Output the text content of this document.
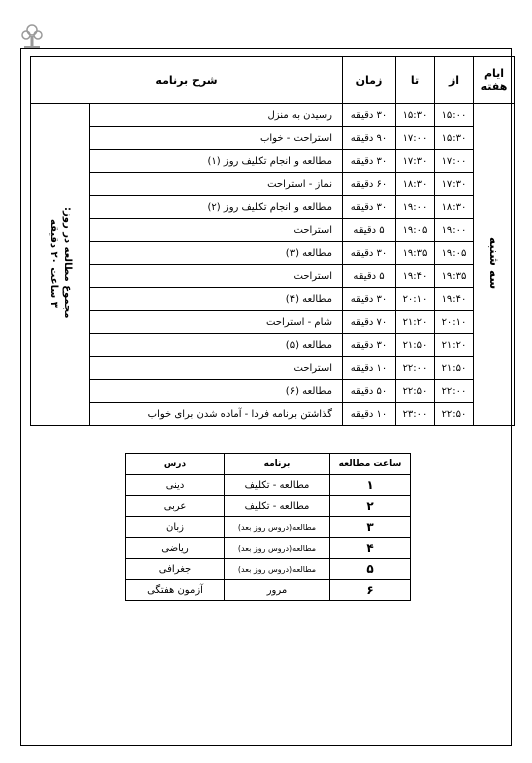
ایام هفته	از	تا	زمان	شرح برنامه	
سه شنبه	۱۵:۰۰	۱۵:۳۰	۳۰ دقیقه	رسیدن به منزل	مجموع مطالعه در روز:
۳ ساعت ۲۰ دقیقه
	۱۵:۳۰	۱۷:۰۰	۹۰ دقیقه	استراحت - خواب	
	۱۷:۰۰	۱۷:۳۰	۳۰ دقیقه	مطالعه و انجام تکلیف روز (۱)	
	۱۷:۳۰	۱۸:۳۰	۶۰ دقیقه	نماز - استراحت	
	۱۸:۳۰	۱۹:۰۰	۳۰ دقیقه	مطالعه و انجام تکلیف روز (۲)	
	۱۹:۰۰	۱۹:۰۵	۵ دقیقه	استراحت	
	۱۹:۰۵	۱۹:۳۵	۳۰ دقیقه	مطالعه (۳)	
	۱۹:۳۵	۱۹:۴۰	۵ دقیقه	استراحت	
	۱۹:۴۰	۲۰:۱۰	۳۰ دقیقه	مطالعه (۴)	
	۲۰:۱۰	۲۱:۲۰	۷۰ دقیقه	شام - استراحت	
	۲۱:۲۰	۲۱:۵۰	۳۰ دقیقه	مطالعه (۵)	
	۲۱:۵۰	۲۲:۰۰	۱۰ دقیقه	استراحت	
	۲۲:۰۰	۲۲:۵۰	۵۰ دقیقه	مطالعه (۶)	
	۲۲:۵۰	۲۳:۰۰	۱۰ دقیقه	گذاشتن برنامه فردا - آماده شدن برای خواب	
ساعت مطالعه	برنامه	درس
۱	مطالعه - تکلیف	دینی
۲	مطالعه - تکلیف	عربی
۳	مطالعه(دروس روز بعد)	زبان
۴	مطالعه(دروس روز بعد)	ریاضی
۵	مطالعه(دروس روز بعد)	جغرافی
۶	مرور	آزمون هفتگی
